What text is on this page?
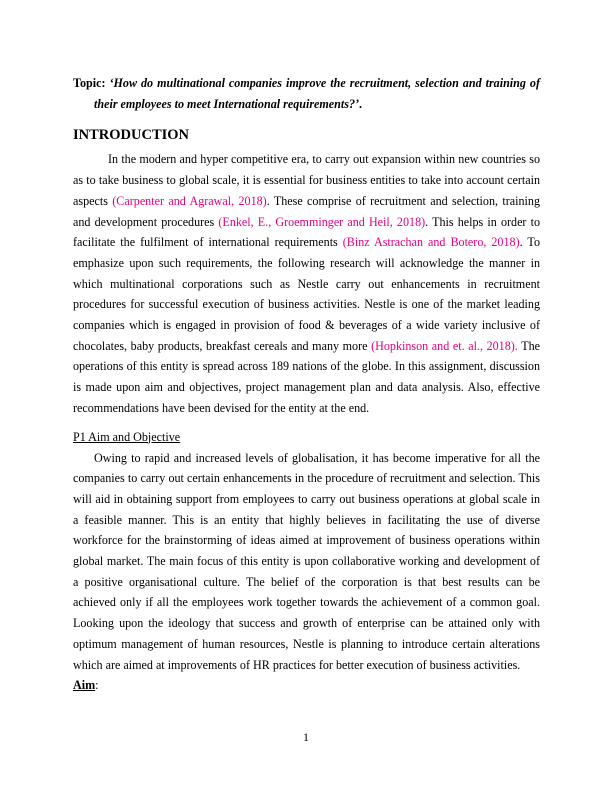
Topic: ‘How do multinational companies improve the recruitment, selection and training of their employees to meet International requirements?’.

INTRODUCTION

In the modern and hyper competitive era, to carry out expansion within new countries so as to take business to global scale, it is essential for business entities to take into account certain aspects (Carpenter and Agrawal, 2018). These comprise of recruitment and selection, training and development procedures (Enkel, E., Groemminger and Heil, 2018). This helps in order to facilitate the fulfilment of international requirements (Binz Astrachan and Botero, 2018). To emphasize upon such requirements, the following research will acknowledge the manner in which multinational corporations such as Nestle carry out enhancements in recruitment procedures for successful execution of business activities. Nestle is one of the market leading companies which is engaged in provision of food & beverages of a wide variety inclusive of chocolates, baby products, breakfast cereals and many more (Hopkinson and et. al., 2018). The operations of this entity is spread across 189 nations of the globe. In this assignment, discussion is made upon aim and objectives, project management plan and data analysis. Also, effective recommendations have been devised for the entity at the end.

P1 Aim and Objective

Owing to rapid and increased levels of globalisation, it has become imperative for all the companies to carry out certain enhancements in the procedure of recruitment and selection. This will aid in obtaining support from employees to carry out business operations at global scale in a feasible manner. This is an entity that highly believes in facilitating the use of diverse workforce for the brainstorming of ideas aimed at improvement of business operations within global market. The main focus of this entity is upon collaborative working and development of a positive organisational culture. The belief of the corporation is that best results can be achieved only if all the employees work together towards the achievement of a common goal. Looking upon the ideology that success and growth of enterprise can be attained only with optimum management of human resources, Nestle is planning to introduce certain alterations which are aimed at improvements of HR practices for better execution of business activities.

Aim:

1
